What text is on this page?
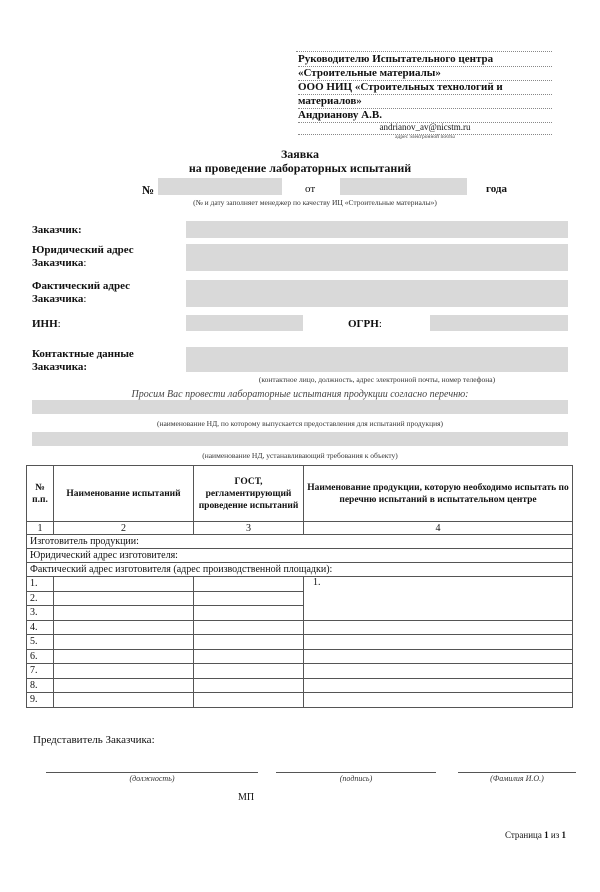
Руководителю Испытательного центра
«Строительные материалы»
ООО НИЦ «Строительных технологий и
материалов»
Андрианову А.В.
andrianov_av@nicstm.ru
адрес электронной почты
Заявка
на проведение лабораторных испытаний
№	от	года
(№ и дату заполняет менеджер по качеству ИЦ «Строительные материалы»)
Заказчик:
Юридический адрес
Заказчика:
Фактический адрес
Заказчика:
ИНН:	ОГРН:
Контактные данные
Заказчика:
(контактное лицо, должность, адрес электронной почты, номер телефона)
Просим Вас провести лабораторные испытания продукции согласно перечню:
(наименование НД, по которому выпускается предоставления для испытаний продукция)
(наименование НД, устанавливающий требования к объекту)
№ п.п.	Наименование испытаний	ГОСТ, регламентирующий проведение испытаний	Наименование продукции, которую необходимо испытать по перечню испытаний в испытательном центре
1	2	3	4
Изготовитель продукции:			
Юридический адрес изготовителя:			
Фактический адрес изготовителя (адрес производственной площадки):			
1.			1.
2.			
3.			
4.			
5.			
6.			
7.			
8.			
9.			
Представитель Заказчика:
(должность)	(подпись)	(Фамилия И.О.)
МП
Страница 1 из 1
